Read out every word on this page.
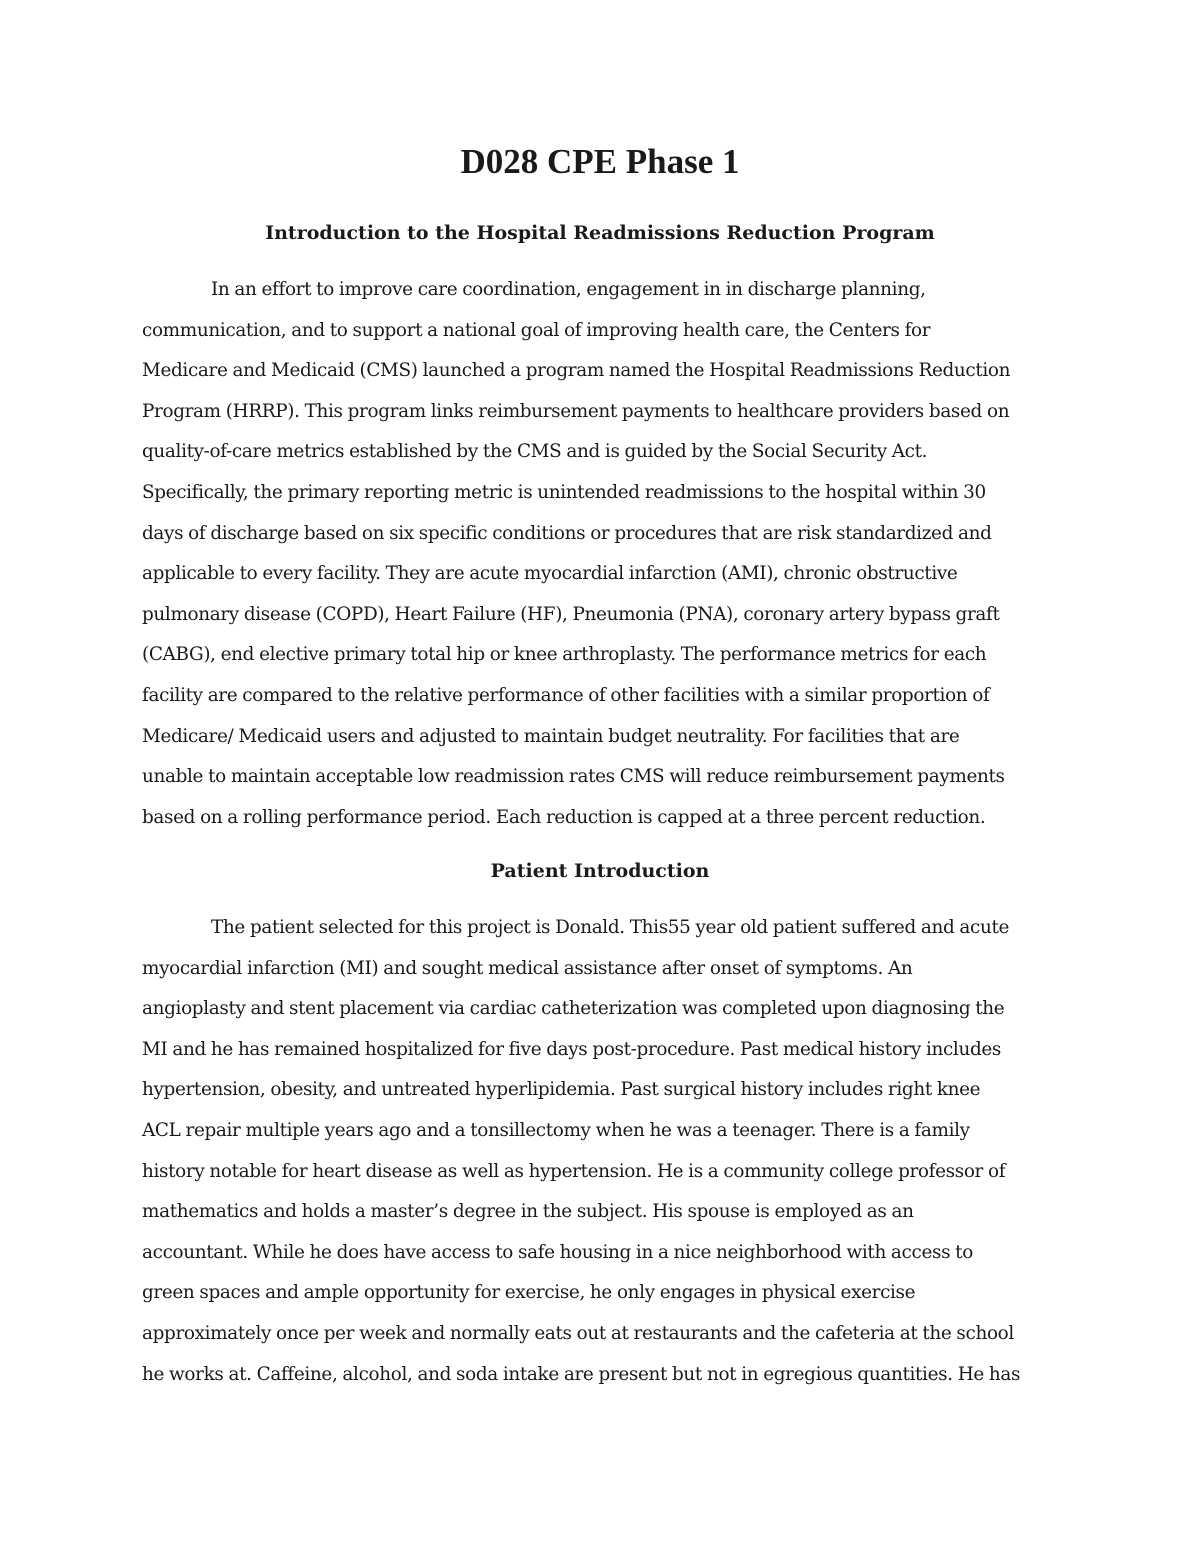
D028 CPE Phase 1
Introduction to the Hospital Readmissions Reduction Program

In an effort to improve care coordination, engagement in in discharge planning,
communication, and to support a national goal of improving health care, the Centers for
Medicare and Medicaid (CMS) launched a program named the Hospital Readmissions Reduction
Program (HRRP). This program links reimbursement payments to healthcare providers based on
quality-of-care metrics established by the CMS and is guided by the Social Security Act.
Specifically, the primary reporting metric is unintended readmissions to the hospital within 30
days of discharge based on six specific conditions or procedures that are risk standardized and
applicable to every facility. They are acute myocardial infarction (AMI), chronic obstructive
pulmonary disease (COPD), Heart Failure (HF), Pneumonia (PNA), coronary artery bypass graft
(CABG), end elective primary total hip or knee arthroplasty. The performance metrics for each
facility are compared to the relative performance of other facilities with a similar proportion of
Medicare/ Medicaid users and adjusted to maintain budget neutrality. For facilities that are
unable to maintain acceptable low readmission rates CMS will reduce reimbursement payments
based on a rolling performance period. Each reduction is capped at a three percent reduction.

Patient Introduction

The patient selected for this project is Donald. This55 year old patient suffered and acute
myocardial infarction (MI) and sought medical assistance after onset of symptoms. An
angioplasty and stent placement via cardiac catheterization was completed upon diagnosing the
MI and he has remained hospitalized for five days post-procedure. Past medical history includes
hypertension, obesity, and untreated hyperlipidemia. Past surgical history includes right knee
ACL repair multiple years ago and a tonsillectomy when he was a teenager. There is a family
history notable for heart disease as well as hypertension. He is a community college professor of
mathematics and holds a master’s degree in the subject. His spouse is employed as an
accountant. While he does have access to safe housing in a nice neighborhood with access to
green spaces and ample opportunity for exercise, he only engages in physical exercise
approximately once per week and normally eats out at restaurants and the cafeteria at the school
he works at. Caffeine, alcohol, and soda intake are present but not in egregious quantities. He has
